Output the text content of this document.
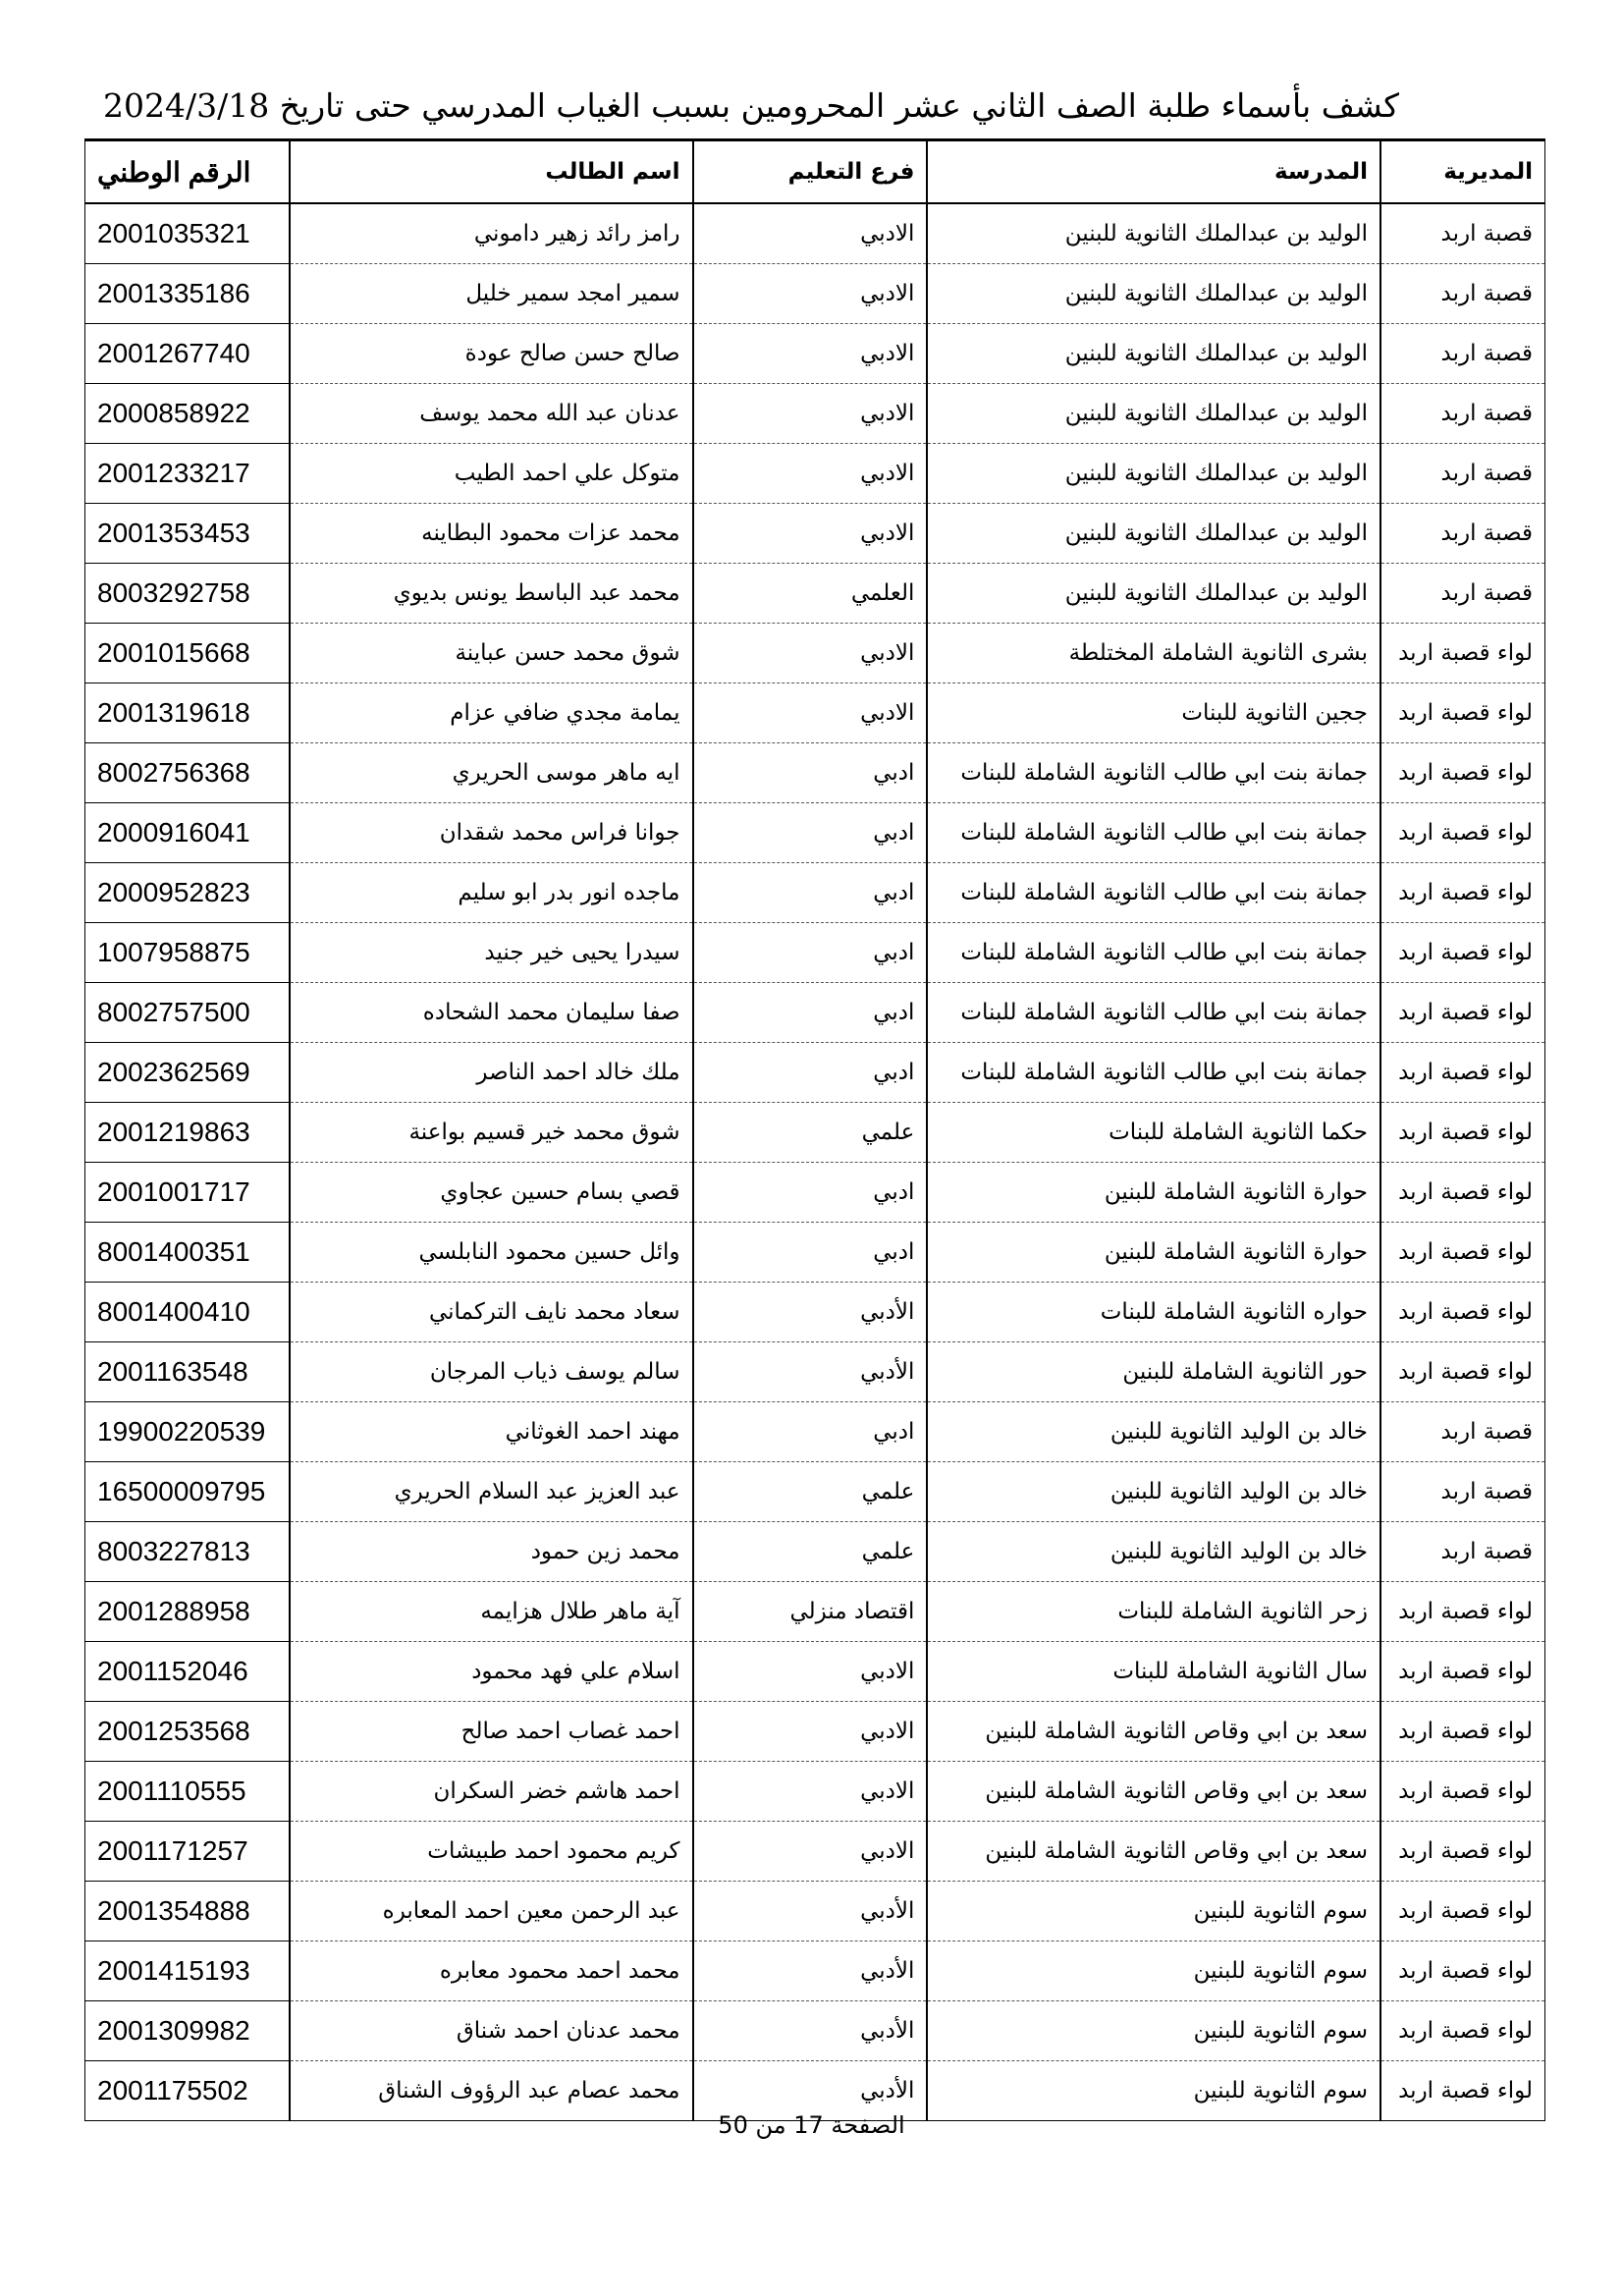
كشف بأسماء طلبة الصف الثاني عشر المحرومين بسبب الغياب المدرسي حتى تاريخ 2024/3/18
المديرية	المدرسة	فرع التعليم	اسم الطالب	الرقم الوطني
قصبة اربد	الوليد بن عبدالملك الثانوية للبنين	الادبي	رامز رائد زهير داموني	2001035321
قصبة اربد	الوليد بن عبدالملك الثانوية للبنين	الادبي	سمير امجد سمير خليل	2001335186
قصبة اربد	الوليد بن عبدالملك الثانوية للبنين	الادبي	صالح حسن صالح عودة	2001267740
قصبة اربد	الوليد بن عبدالملك الثانوية للبنين	الادبي	عدنان عبد الله محمد يوسف	2000858922
قصبة اربد	الوليد بن عبدالملك الثانوية للبنين	الادبي	متوكل علي احمد الطيب	2001233217
قصبة اربد	الوليد بن عبدالملك الثانوية للبنين	الادبي	محمد عزات محمود البطاينه	2001353453
قصبة اربد	الوليد بن عبدالملك الثانوية للبنين	العلمي	محمد عبد الباسط يونس بديوي	8003292758
لواء قصبة اربد	بشرى الثانوية الشاملة المختلطة	الادبي	شوق محمد حسن عباينة	2001015668
لواء قصبة اربد	ججين الثانوية للبنات	الادبي	يمامة مجدي ضافي عزام	2001319618
لواء قصبة اربد	جمانة بنت ابي طالب الثانوية الشاملة للبنات	ادبي	ايه ماهر موسى الحريري	8002756368
لواء قصبة اربد	جمانة بنت ابي طالب الثانوية الشاملة للبنات	ادبي	جوانا فراس محمد شقدان	2000916041
لواء قصبة اربد	جمانة بنت ابي طالب الثانوية الشاملة للبنات	ادبي	ماجده انور بدر ابو سليم	2000952823
لواء قصبة اربد	جمانة بنت ابي طالب الثانوية الشاملة للبنات	ادبي	سيدرا يحيى خير جنيد	1007958875
لواء قصبة اربد	جمانة بنت ابي طالب الثانوية الشاملة للبنات	ادبي	صفا سليمان محمد الشحاده	8002757500
لواء قصبة اربد	جمانة بنت ابي طالب الثانوية الشاملة للبنات	ادبي	ملك خالد احمد الناصر	2002362569
لواء قصبة اربد	حكما الثانوية الشاملة للبنات	علمي	شوق محمد خير قسيم بواعنة	2001219863
لواء قصبة اربد	حوارة الثانوية الشاملة للبنين	ادبي	قصي بسام حسين عجاوي	2001001717
لواء قصبة اربد	حوارة الثانوية الشاملة للبنين	ادبي	وائل حسين محمود النابلسي	8001400351
لواء قصبة اربد	حواره الثانوية الشاملة للبنات	الأدبي	سعاد محمد نايف التركماني	8001400410
لواء قصبة اربد	حور الثانوية الشاملة للبنين	الأدبي	سالم يوسف ذياب المرجان	2001163548
قصبة اربد	خالد بن الوليد الثانوية للبنين	ادبي	مهند احمد الغوثاني	19900220539
قصبة اربد	خالد بن الوليد الثانوية للبنين	علمي	عبد العزيز عبد السلام الحريري	16500009795
قصبة اربد	خالد بن الوليد الثانوية للبنين	علمي	محمد زين حمود	8003227813
لواء قصبة اربد	زحر الثانوية الشاملة للبنات	اقتصاد منزلي	آية ماهر طلال هزايمه	2001288958
لواء قصبة اربد	سال الثانوية الشاملة للبنات	الادبي	اسلام علي فهد محمود	2001152046
لواء قصبة اربد	سعد بن ابي وقاص الثانوية الشاملة للبنين	الادبي	احمد غصاب احمد صالح	2001253568
لواء قصبة اربد	سعد بن ابي وقاص الثانوية الشاملة للبنين	الادبي	احمد هاشم خضر السكران	2001110555
لواء قصبة اربد	سعد بن ابي وقاص الثانوية الشاملة للبنين	الادبي	كريم محمود احمد طبيشات	2001171257
لواء قصبة اربد	سوم الثانوية للبنين	الأدبي	عبد الرحمن معين احمد المعابره	2001354888
لواء قصبة اربد	سوم الثانوية للبنين	الأدبي	محمد احمد محمود معابره	2001415193
لواء قصبة اربد	سوم الثانوية للبنين	الأدبي	محمد عدنان احمد شناق	2001309982
لواء قصبة اربد	سوم الثانوية للبنين	الأدبي	محمد عصام عبد الرؤوف الشناق	2001175502
الصفحة 17 من 50
